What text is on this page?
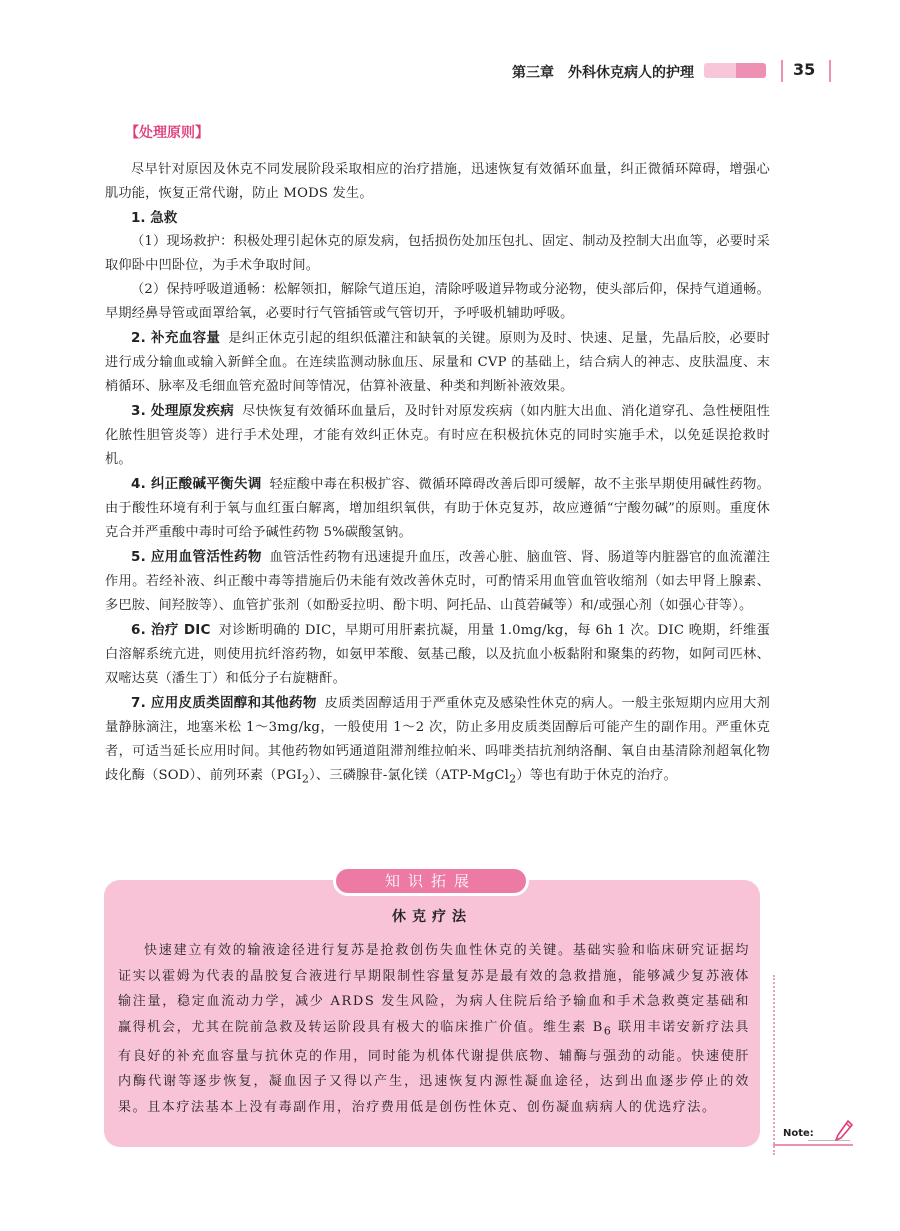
第三章　外科休克病人的护理	35
【处理原则】

尽早针对原因及休克不同发展阶段采取相应的治疗措施，迅速恢复有效循环血量，纠正微循环障碍，增强心肌功能，恢复正常代谢，防止 MODS 发生。

1. 急救

（1）现场救护：积极处理引起休克的原发病，包括损伤处加压包扎、固定、制动及控制大出血等，必要时采取仰卧中凹卧位，为手术争取时间。

（2）保持呼吸道通畅：松解领扣，解除气道压迫，清除呼吸道异物或分泌物，使头部后仰，保持气道通畅。早期经鼻导管或面罩给氧，必要时行气管插管或气管切开，予呼吸机辅助呼吸。

2. 补充血容量 是纠正休克引起的组织低灌注和缺氧的关键。原则为及时、快速、足量，先晶后胶，必要时进行成分输血或输入新鲜全血。在连续监测动脉血压、尿量和 CVP 的基础上，结合病人的神志、皮肤温度、末梢循环、脉率及毛细血管充盈时间等情况，估算补液量、种类和判断补液效果。

3. 处理原发疾病 尽快恢复有效循环血量后，及时针对原发疾病（如内脏大出血、消化道穿孔、急性梗阻性化脓性胆管炎等）进行手术处理，才能有效纠正休克。有时应在积极抗休克的同时实施手术，以免延误抢救时机。

4. 纠正酸碱平衡失调 轻症酸中毒在积极扩容、微循环障碍改善后即可缓解，故不主张早期使用碱性药物。由于酸性环境有利于氧与血红蛋白解离，增加组织氧供，有助于休克复苏，故应遵循“宁酸勿碱”的原则。重度休克合并严重酸中毒时可给予碱性药物 5%碳酸氢钠。

5. 应用血管活性药物 血管活性药物有迅速提升血压，改善心脏、脑血管、肾、肠道等内脏器官的血流灌注作用。若经补液、纠正酸中毒等措施后仍未能有效改善休克时，可酌情采用血管血管收缩剂（如去甲肾上腺素、多巴胺、间羟胺等）、血管扩张剂（如酚妥拉明、酚卞明、阿托品、山莨菪碱等）和/或强心剂（如强心苷等）。

6. 治疗 DIC 对诊断明确的 DIC，早期可用肝素抗凝，用量 1.0mg/kg，每 6h 1 次。DIC 晚期，纤维蛋白溶解系统亢进，则使用抗纤溶药物，如氨甲苯酸、氨基己酸，以及抗血小板黏附和聚集的药物，如阿司匹林、双嘧达莫（潘生丁）和低分子右旋糖酐。

7. 应用皮质类固醇和其他药物 皮质类固醇适用于严重休克及感染性休克的病人。一般主张短期内应用大剂量静脉滴注，地塞米松 1～3mg/kg，一般使用 1～2 次，防止多用皮质类固醇后可能产生的副作用。严重休克者，可适当延长应用时间。其他药物如钙通道阻滞剂维拉帕米、吗啡类拮抗剂纳洛酮、氧自由基清除剂超氧化物歧化酶（SOD）、前列环素$(PGI_2)$、三磷腺苷-氯化镁（ATP-MgCl$_2$）等也有助于休克的治疗。

知识拓展
休克疗法

快速建立有效的输液途径进行复苏是抢救创伤失血性休克的关键。基础实验和临床研究证据均证实以霍姆为代表的晶胶复合液进行早期限制性容量复苏是最有效的急救措施，能够减少复苏液体输注量，稳定血流动力学，减少 ARDS 发生风险，为病人住院后给予输血和手术急救奠定基础和赢得机会，尤其在院前急救及转运阶段具有极大的临床推广价值。维生素 $B_6$ 联用丰诺安新疗法具有良好的补充血容量与抗休克的作用，同时能为机体代谢提供底物、辅酶与强劲的动能。快速使肝内酶代谢等逐步恢复，凝血因子又得以产生，迅速恢复内源性凝血途径，达到出血逐步停止的效果。且本疗法基本上没有毒副作用，治疗费用低是创伤性休克、创伤凝血病病人的优选疗法。

Note:
